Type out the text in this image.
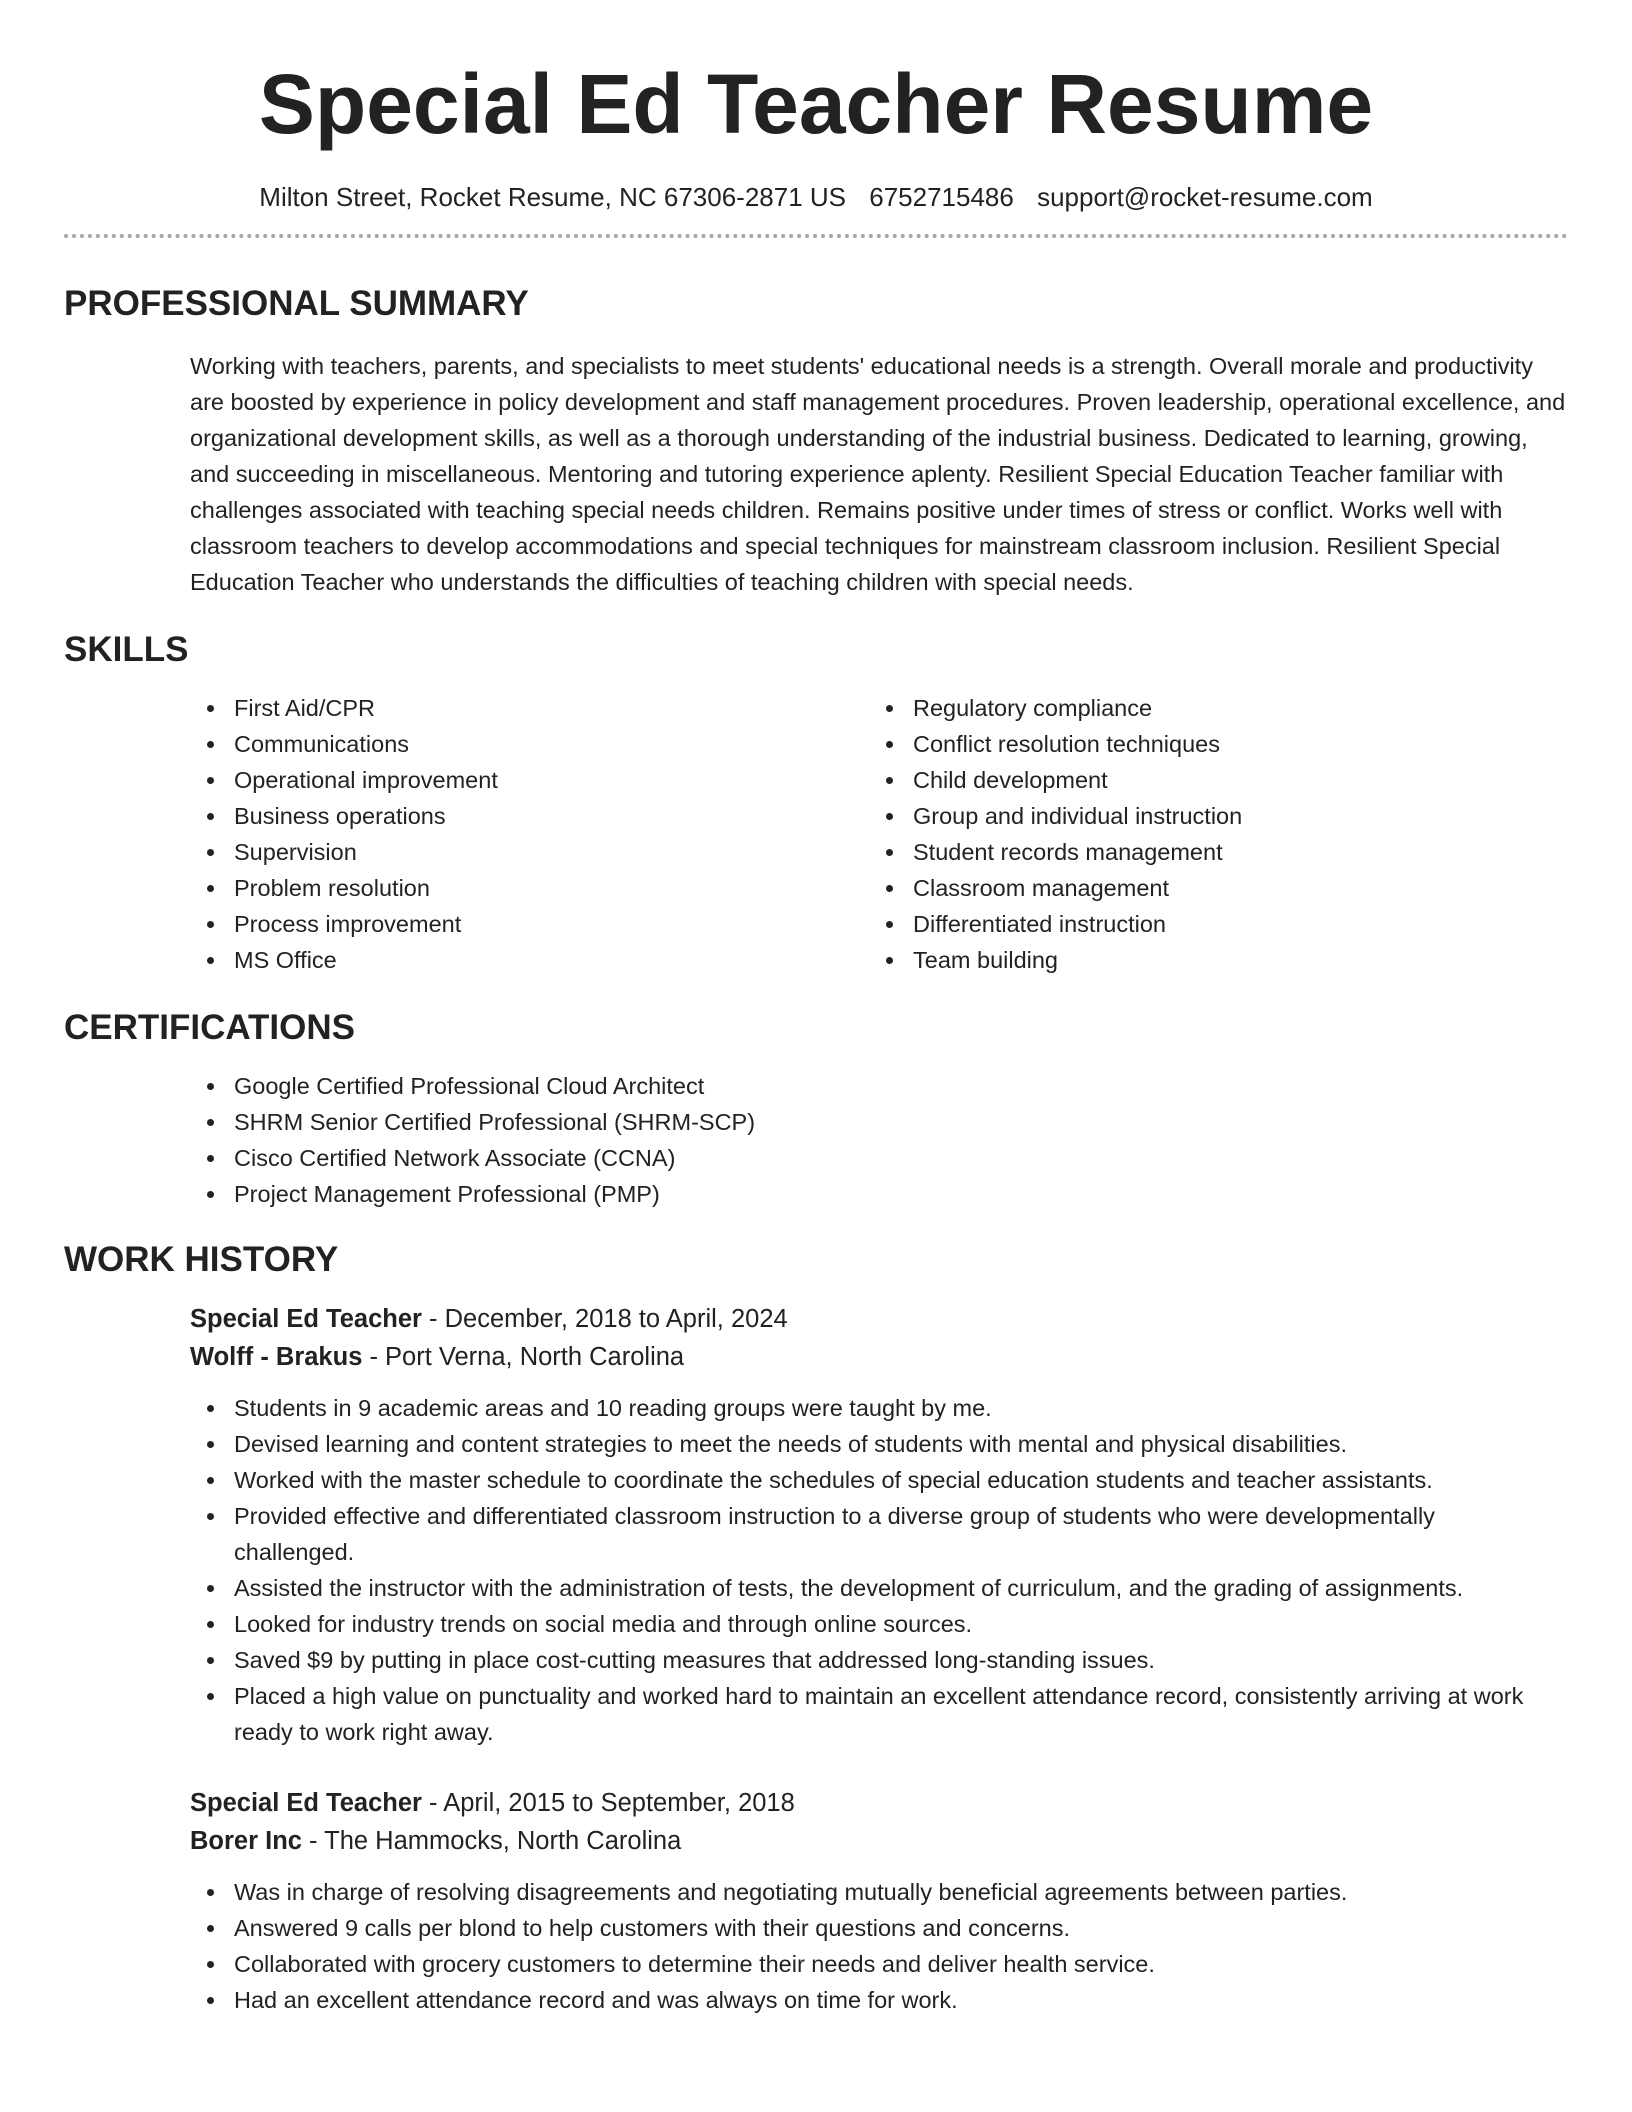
Special Ed Teacher Resume
Milton Street, Rocket Resume, NC 67306-2871 US 6752715486 support@rocket-resume.com
PROFESSIONAL SUMMARY
Working with teachers, parents, and specialists to meet students' educational needs is a strength. Overall morale and productivity are boosted by experience in policy development and staff management procedures. Proven leadership, operational excellence, and organizational development skills, as well as a thorough understanding of the industrial business. Dedicated to learning, growing, and succeeding in miscellaneous. Mentoring and tutoring experience aplenty. Resilient Special Education Teacher familiar with challenges associated with teaching special needs children. Remains positive under times of stress or conflict. Works well with classroom teachers to develop accommodations and special techniques for mainstream classroom inclusion. Resilient Special Education Teacher who understands the difficulties of teaching children with special needs.
SKILLS
First Aid/CPR
Communications
Operational improvement
Business operations
Supervision
Problem resolution
Process improvement
MS Office
Regulatory compliance
Conflict resolution techniques
Child development
Group and individual instruction
Student records management
Classroom management
Differentiated instruction
Team building
CERTIFICATIONS
Google Certified Professional Cloud Architect
SHRM Senior Certified Professional (SHRM-SCP)
Cisco Certified Network Associate (CCNA)
Project Management Professional (PMP)
WORK HISTORY
Special Ed Teacher - December, 2018 to April, 2024
Wolff - Brakus - Port Verna, North Carolina
Students in 9 academic areas and 10 reading groups were taught by me.
Devised learning and content strategies to meet the needs of students with mental and physical disabilities.
Worked with the master schedule to coordinate the schedules of special education students and teacher assistants.
Provided effective and differentiated classroom instruction to a diverse group of students who were developmentally challenged.
Assisted the instructor with the administration of tests, the development of curriculum, and the grading of assignments.
Looked for industry trends on social media and through online sources.
Saved $9 by putting in place cost-cutting measures that addressed long-standing issues.
Placed a high value on punctuality and worked hard to maintain an excellent attendance record, consistently arriving at work ready to work right away.
Special Ed Teacher - April, 2015 to September, 2018
Borer Inc - The Hammocks, North Carolina
Was in charge of resolving disagreements and negotiating mutually beneficial agreements between parties.
Answered 9 calls per blond to help customers with their questions and concerns.
Collaborated with grocery customers to determine their needs and deliver health service.
Had an excellent attendance record and was always on time for work.
